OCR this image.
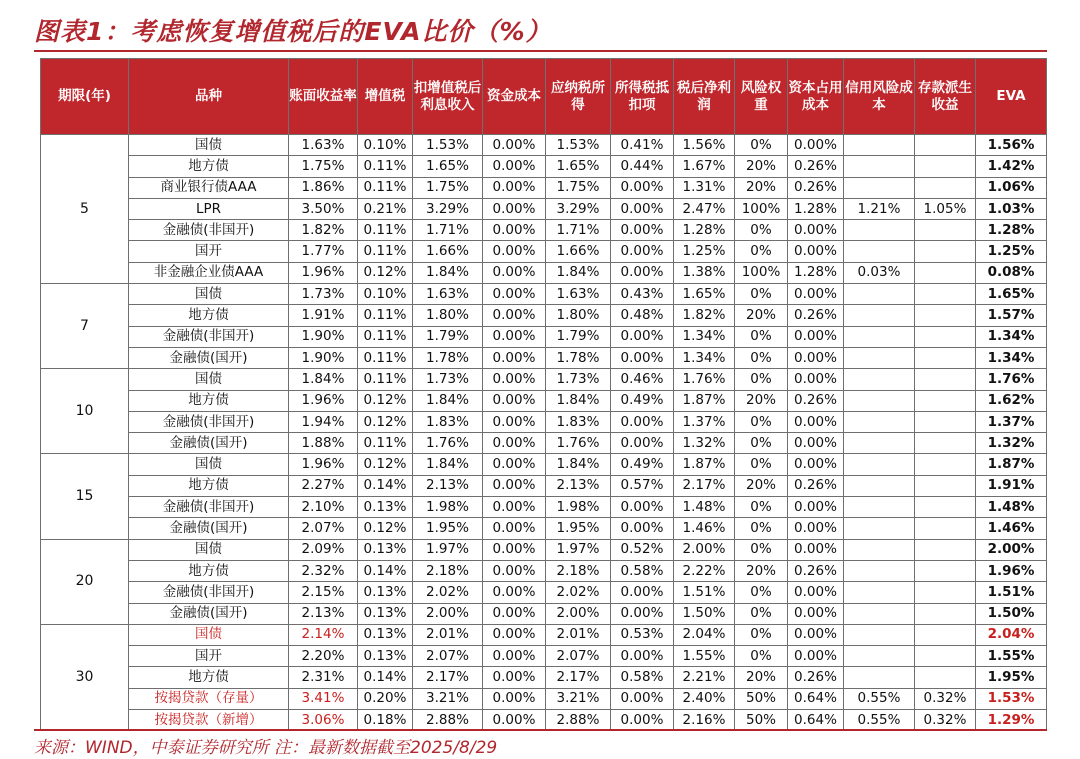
图表1：考虑恢复增值税后的EVA比价（%）
期限(年)	品种	账面收益率	增值税	扣增值税后利息收入	资金成本	应纳税所得	所得税抵扣项	税后净利润	风险权重	资本占用成本	信用风险成本	存款派生收益	EVA
5	国债	1.63%	0.10%	1.53%	0.00%	1.53%	0.41%	1.56%	0%	0.00%			1.56%
	地方债	1.75%	0.11%	1.65%	0.00%	1.65%	0.44%	1.67%	20%	0.26%			1.42%
	商业银行债AAA	1.86%	0.11%	1.75%	0.00%	1.75%	0.00%	1.31%	20%	0.26%			1.06%
	LPR	3.50%	0.21%	3.29%	0.00%	3.29%	0.00%	2.47%	100%	1.28%	1.21%	1.05%	1.03%
	金融债(非国开)	1.82%	0.11%	1.71%	0.00%	1.71%	0.00%	1.28%	0%	0.00%			1.28%
	国开	1.77%	0.11%	1.66%	0.00%	1.66%	0.00%	1.25%	0%	0.00%			1.25%
	非金融企业债AAA	1.96%	0.12%	1.84%	0.00%	1.84%	0.00%	1.38%	100%	1.28%	0.03%		0.08%
7	国债	1.73%	0.10%	1.63%	0.00%	1.63%	0.43%	1.65%	0%	0.00%			1.65%
	地方债	1.91%	0.11%	1.80%	0.00%	1.80%	0.48%	1.82%	20%	0.26%			1.57%
	金融债(非国开)	1.90%	0.11%	1.79%	0.00%	1.79%	0.00%	1.34%	0%	0.00%			1.34%
	金融债(国开)	1.90%	0.11%	1.78%	0.00%	1.78%	0.00%	1.34%	0%	0.00%			1.34%
10	国债	1.84%	0.11%	1.73%	0.00%	1.73%	0.46%	1.76%	0%	0.00%			1.76%
	地方债	1.96%	0.12%	1.84%	0.00%	1.84%	0.49%	1.87%	20%	0.26%			1.62%
	金融债(非国开)	1.94%	0.12%	1.83%	0.00%	1.83%	0.00%	1.37%	0%	0.00%			1.37%
	金融债(国开)	1.88%	0.11%	1.76%	0.00%	1.76%	0.00%	1.32%	0%	0.00%			1.32%
15	国债	1.96%	0.12%	1.84%	0.00%	1.84%	0.49%	1.87%	0%	0.00%			1.87%
	地方债	2.27%	0.14%	2.13%	0.00%	2.13%	0.57%	2.17%	20%	0.26%			1.91%
	金融债(非国开)	2.10%	0.13%	1.98%	0.00%	1.98%	0.00%	1.48%	0%	0.00%			1.48%
	金融债(国开)	2.07%	0.12%	1.95%	0.00%	1.95%	0.00%	1.46%	0%	0.00%			1.46%
20	国债	2.09%	0.13%	1.97%	0.00%	1.97%	0.52%	2.00%	0%	0.00%			2.00%
	地方债	2.32%	0.14%	2.18%	0.00%	2.18%	0.58%	2.22%	20%	0.26%			1.96%
	金融债(非国开)	2.15%	0.13%	2.02%	0.00%	2.02%	0.00%	1.51%	0%	0.00%			1.51%
	金融债(国开)	2.13%	0.13%	2.00%	0.00%	2.00%	0.00%	1.50%	0%	0.00%			1.50%
30	国债	2.14%	0.13%	2.01%	0.00%	2.01%	0.53%	2.04%	0%	0.00%			2.04%
	国开	2.20%	0.13%	2.07%	0.00%	2.07%	0.00%	1.55%	0%	0.00%			1.55%
	地方债	2.31%	0.14%	2.17%	0.00%	2.17%	0.58%	2.21%	20%	0.26%			1.95%
	按揭贷款（存量）	3.41%	0.20%	3.21%	0.00%	3.21%	0.00%	2.40%	50%	0.64%	0.55%	0.32%	1.53%
	按揭贷款（新增）	3.06%	0.18%	2.88%	0.00%	2.88%	0.00%	2.16%	50%	0.64%	0.55%	0.32%	1.29%
来源：WIND，中泰证券研究所 注：最新数据截至2025/8/29
